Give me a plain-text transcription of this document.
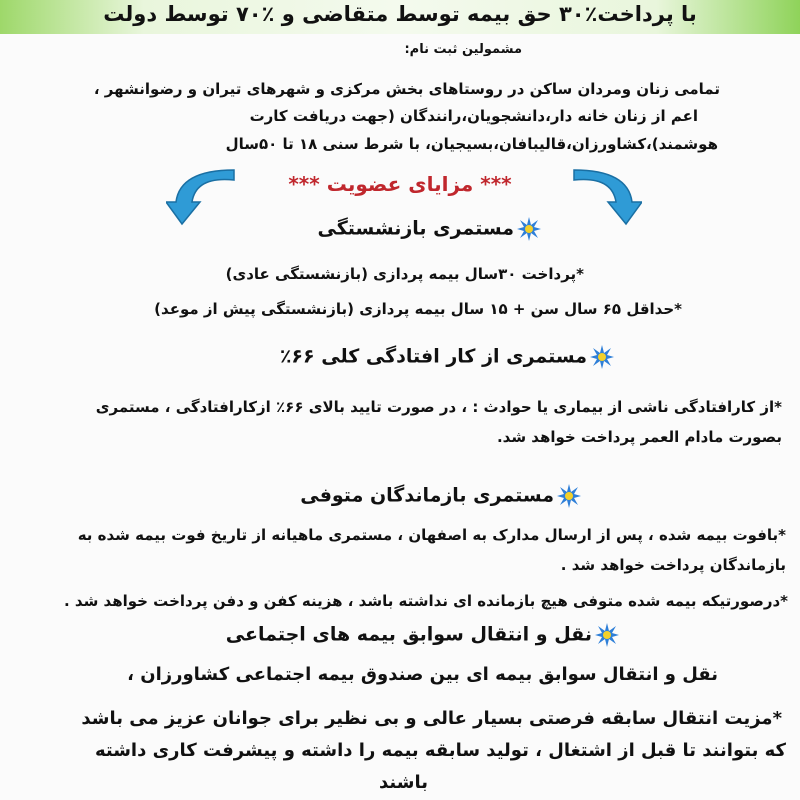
با پرداخت٪۳۰ حق بیمه توسط متقاضی و ٪۷۰ توسط دولت
مشمولین ثبت نام:
تمامی زنان ومردان ساکن در روستاهای بخش مرکزی و شهرهای تیران و رضوانشهر ،
اعم از زنان خانه دار،دانشجویان،رانندگان (جهت دریافت کارت
هوشمند)،کشاورزان،قالیبافان،بسیجیان، با شرط سنی ۱۸ تا ۵۰سال
*** مزایای عضویت ***
مستمری بازنشستگی
*پرداخت ۳۰سال بیمه پردازی (بازنشستگی عادی)
*حداقل ۶۵ سال سن + ۱۵ سال بیمه پردازی (بازنشستگی پیش از موعد)
مستمری از کار افتادگی کلی ۶۶٪
*از کارافتادگی ناشی از بیماری یا حوادث : ، در صورت تایید بالای ۶۶٪ ازکارافتادگی ، مستمری
بصورت مادام العمر پرداخت خواهد شد.
مستمری بازماندگان متوفی
*بافوت بیمه شده ، پس از ارسال مدارک به اصفهان ، مستمری ماهیانه از تاریخ فوت بیمه شده به
بازماندگان پرداخت خواهد شد .
*درصورتیکه بیمه شده متوفی هیچ بازمانده ای نداشته باشد ، هزینه کفن و دفن پرداخت خواهد شد .
نقل و انتقال سوابق بیمه های اجتماعی
نقل و انتقال سوابق بیمه ای بین صندوق بیمه اجتماعی کشاورزان ،
*مزیت انتقال سابقه فرصتی بسیار عالی و بی نظیر برای جوانان عزیز می باشد
که بتوانند تا قبل از اشتغال ، تولید سابقه بیمه را داشته و پیشرفت کاری داشته
باشند
